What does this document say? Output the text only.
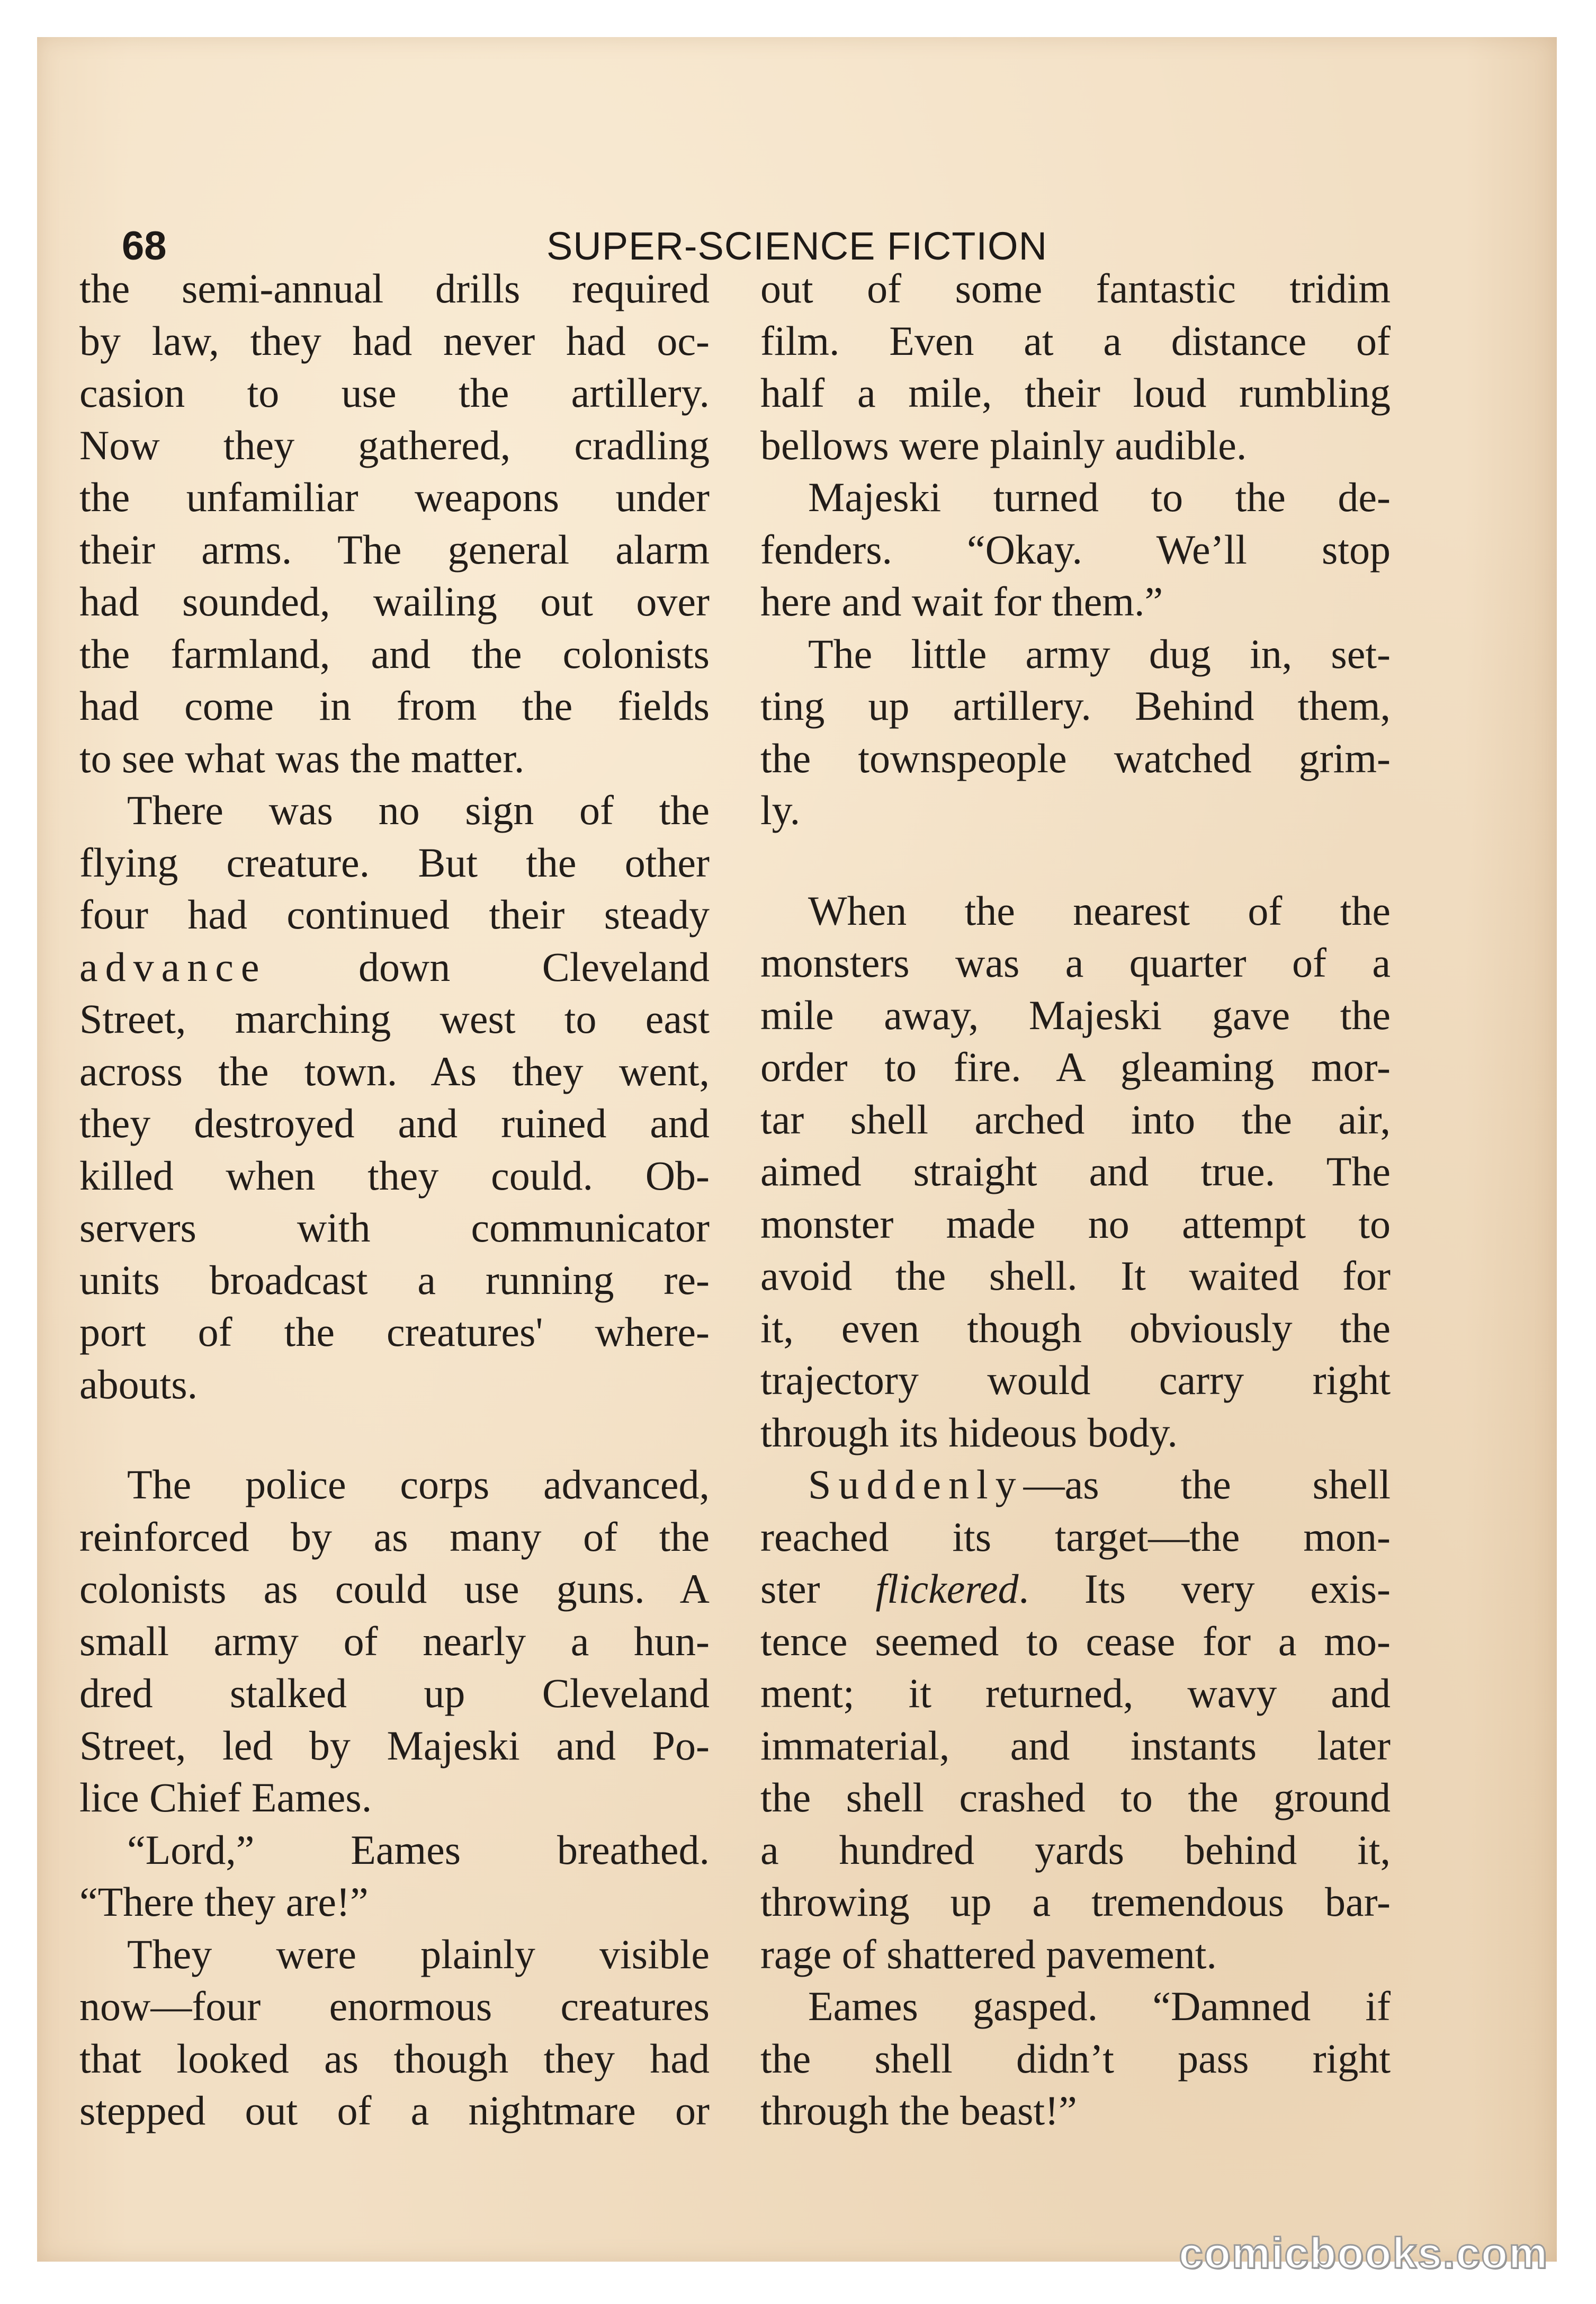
68	SUPER-SCIENCE FICTION
the semi-annual drills required
by law, they had never had oc-
casion to use the artillery.
Now they gathered, cradling
the unfamiliar weapons under
their arms. The general alarm
had sounded, wailing out over
the farmland, and the colonists
had come in from the fields
to see what was the matter.
There was no sign of the
flying creature. But the other
four had continued their steady
advance down Cleveland
Street, marching west to east
across the town. As they went,
they destroyed and ruined and
killed when they could. Ob-
servers with communicator
units broadcast a running re-
port of the creatures' where-
abouts.
The police corps advanced,
reinforced by as many of the
colonists as could use guns. A
small army of nearly a hun-
dred stalked up Cleveland
Street, led by Majeski and Po-
lice Chief Eames.
“Lord,” Eames breathed.
“There they are!”
They were plainly visible
now—four enormous creatures
that looked as though they had
stepped out of a nightmare or
out of some fantastic tridim
film. Even at a distance of
half a mile, their loud rumbling
bellows were plainly audible.
Majeski turned to the de-
fenders. “Okay. We’ll stop
here and wait for them.”
The little army dug in, set-
ting up artillery. Behind them,
the townspeople watched grim-
ly.
When the nearest of the
monsters was a quarter of a
mile away, Majeski gave the
order to fire. A gleaming mor-
tar shell arched into the air,
aimed straight and true. The
monster made no attempt to
avoid the shell. It waited for
it, even though obviously the
trajectory would carry right
through its hideous body.
Suddenly—as the shell
reached its target—the mon-
ster flickered. Its very exis-
tence seemed to cease for a mo-
ment; it returned, wavy and
immaterial, and instants later
the shell crashed to the ground
a hundred yards behind it,
throwing up a tremendous bar-
rage of shattered pavement.
Eames gasped. “Damned if
the shell didn’t pass right
through the beast!”
comicbooks.com
